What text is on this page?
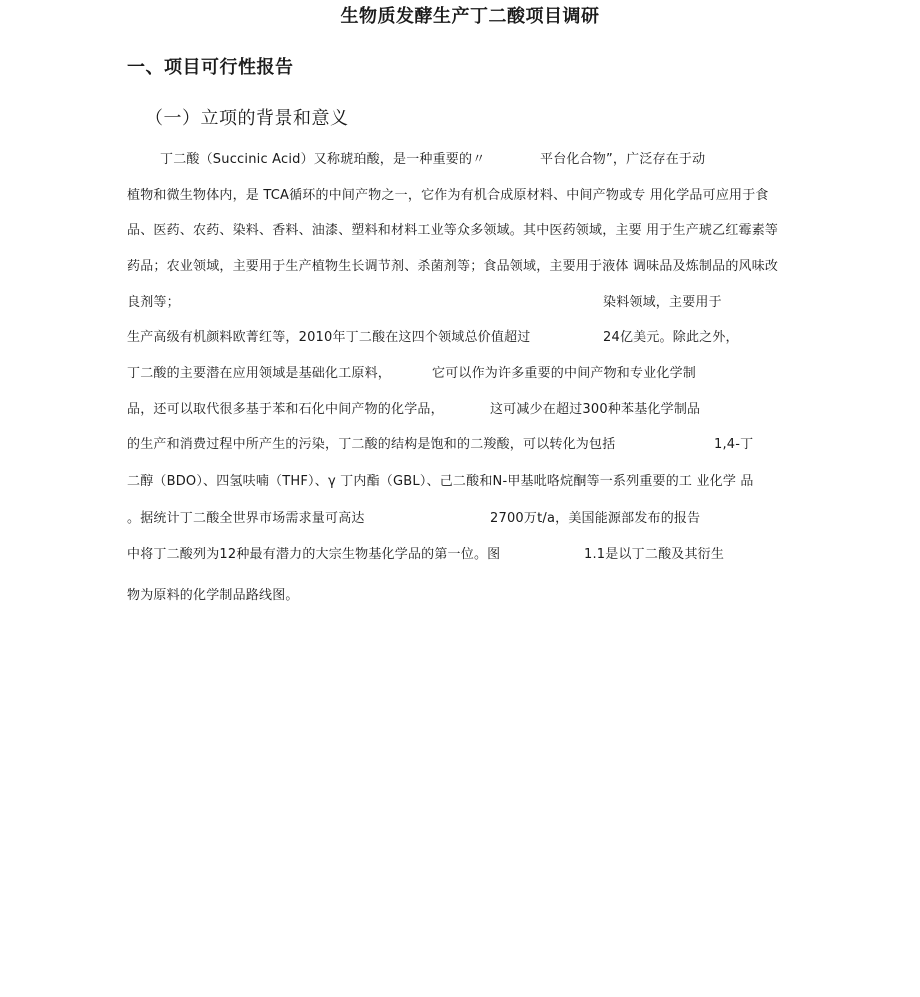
生物质发酵生产丁二酸项目调研
一、项目可行性报告
（一）立项的背景和意义
丁二酸（Succinic Acid）又称琥珀酸，是一种重要的〃	平台化合物”，广泛存在于动
植物和微生物体内，是 TCA循环的中间产物之一，它作为有机合成原材料、中间产物或专 用化学品可应用于食
品、医药、农药、染料、香料、油漆、塑料和材料工业等众多领域。其中医药领域，主要 用于生产琥乙红霉素等
药品；农业领域，主要用于生产植物生长调节剂、杀菌剂等；食品领域，主要用于液体 调味品及炼制品的风味改
良剂等；	染料领域，主要用于
生产高级有机颜料欧菁红等，2010年丁二酸在这四个领域总价值超过	24亿美元。除此之外，
丁二酸的主要潜在应用领域是基础化工原料，	它可以作为许多重要的中间产物和专业化学制
品，还可以取代很多基于苯和石化中间产物的化学品，	这可减少在超过300种苯基化学制品
的生产和消费过程中所产生的污染，丁二酸的结构是饱和的二羧酸，可以转化为包括	1,4-丁
二醇（BDO）、四氢呋喃（THF）、γ 丁内酯（GBL）、己二酸和N-甲基吡咯烷酮等一系列重要的工 业化学 品
。据统计丁二酸全世界市场需求量可高达	2700万t/a，美国能源部发布的报告
中将丁二酸列为12种最有潜力的大宗生物基化学品的第一位。图	1.1是以丁二酸及其衍生
物为原料的化学制品路线图。
